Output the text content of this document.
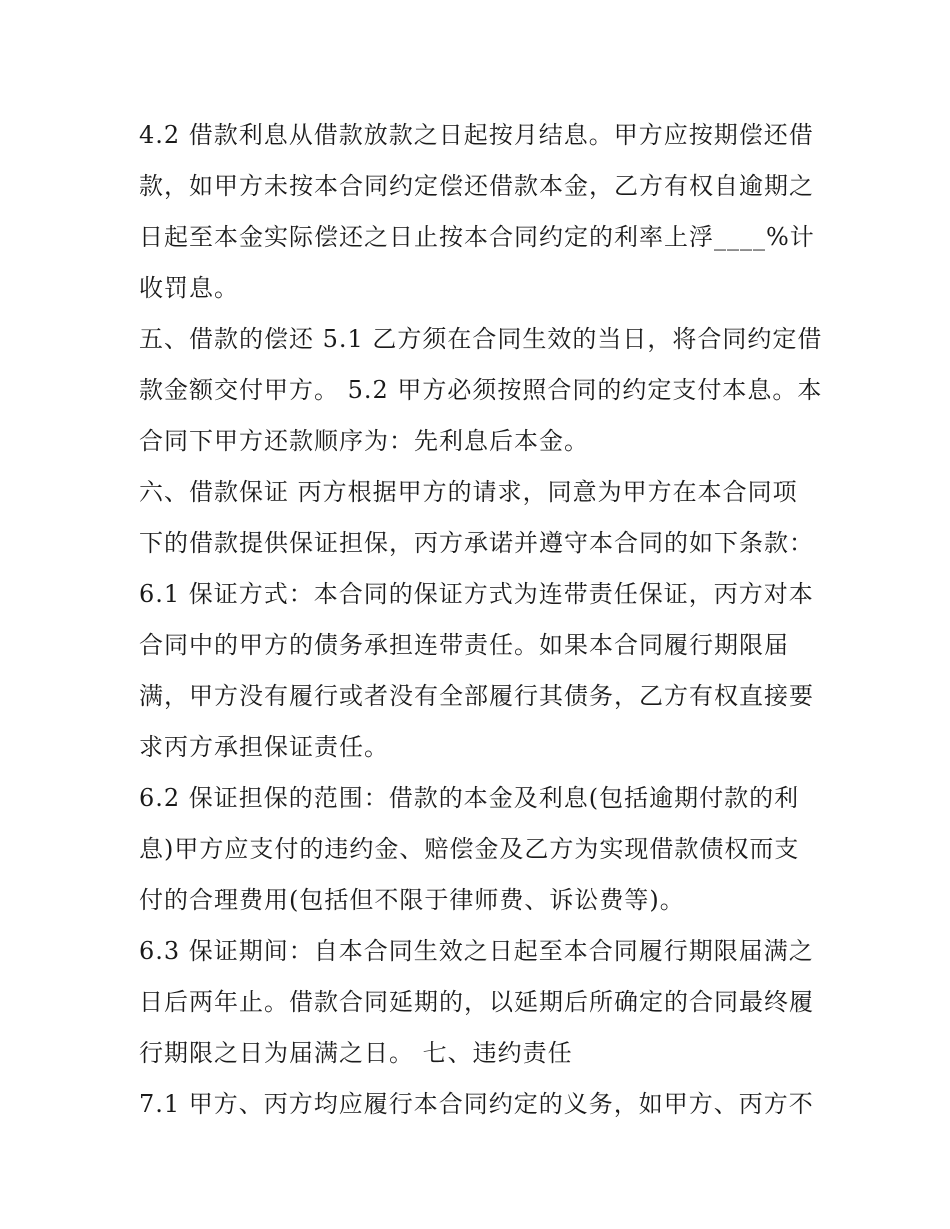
4.2 借款利息从借款放款之日起按月结息。甲方应按期偿还借
款，如甲方未按本合同约定偿还借款本金，乙方有权自逾期之
日起至本金实际偿还之日止按本合同约定的利率上浮____%计
收罚息。
五、借款的偿还 5.1 乙方须在合同生效的当日，将合同约定借
款金额交付甲方。 5.2 甲方必须按照合同的约定支付本息。本
合同下甲方还款顺序为：先利息后本金。
六、借款保证 丙方根据甲方的请求，同意为甲方在本合同项
下的借款提供保证担保，丙方承诺并遵守本合同的如下条款：
6.1 保证方式：本合同的保证方式为连带责任保证，丙方对本
合同中的甲方的债务承担连带责任。如果本合同履行期限届
满，甲方没有履行或者没有全部履行其债务，乙方有权直接要
求丙方承担保证责任。
6.2 保证担保的范围：借款的本金及利息(包括逾期付款的利
息)甲方应支付的违约金、赔偿金及乙方为实现借款债权而支
付的合理费用(包括但不限于律师费、诉讼费等)。
6.3 保证期间：自本合同生效之日起至本合同履行期限届满之
日后两年止。借款合同延期的，以延期后所确定的合同最终履
行期限之日为届满之日。 七、违约责任
7.1 甲方、丙方均应履行本合同约定的义务，如甲方、丙方不
